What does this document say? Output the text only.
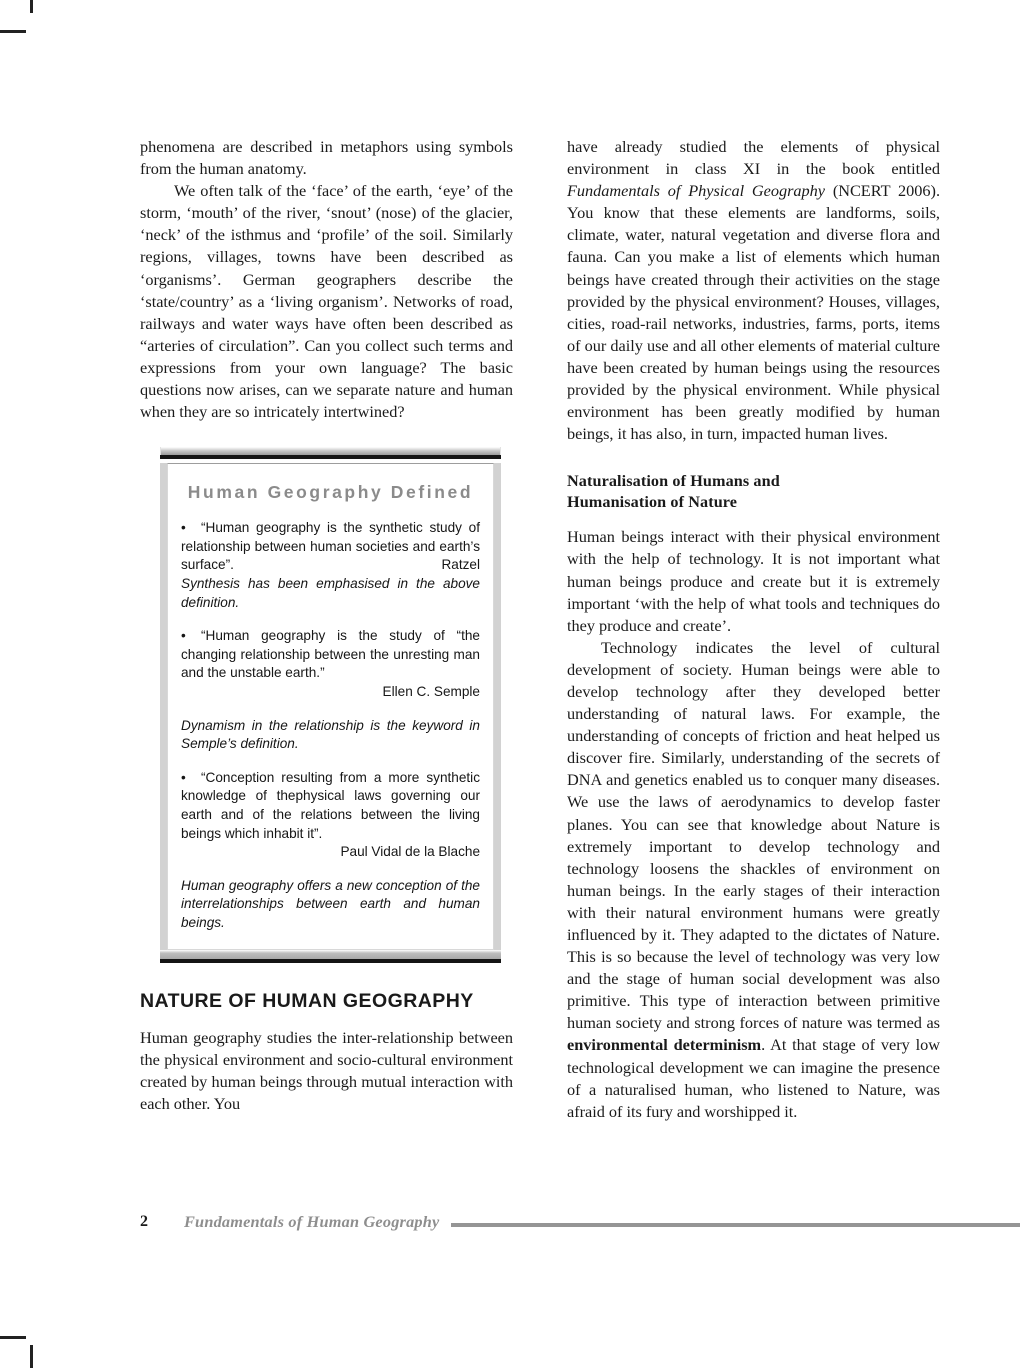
phenomena are described in metaphors using symbols from the human anatomy.

We often talk of the ‘face’ of the earth, ‘eye’ of the storm, ‘mouth’ of the river, ‘snout’ (nose) of the glacier, ‘neck’ of the isthmus and ‘profile’ of the soil. Similarly regions, villages, towns have been described as ‘organisms’. German geographers describe the ‘state/country’ as a ‘living organism’. Networks of road, railways and water ways have often been described as “arteries of circulation”. Can you collect such terms and expressions from your own language? The basic questions now arises, can we separate nature and human when they are so intricately intertwined?

Human Geography Defined

• “Human geography is the synthetic study of relationship between human societies and earth’s surface”.	Ratzel

Synthesis has been emphasised in the above definition.

• “Human geography is the study of “the changing relationship between the unresting man and the unstable earth.”

Ellen C. Semple

Dynamism in the relationship is the keyword in Semple’s definition.

• “Conception resulting from a more synthetic knowledge of thephysical laws governing our earth and of the relations between the living beings which inhabit it”.

Paul Vidal de la Blache

Human geography offers a new conception of the interrelationships between earth and human beings.

NATURE OF HUMAN GEOGRAPHY

Human geography studies the inter-relationship between the physical environment and socio-cultural environment created by human beings through mutual interaction with each other. You

have already studied the elements of physical environment in class XI in the book entitled Fundamentals of Physical Geography (NCERT 2006). You know that these elements are landforms, soils, climate, water, natural vegetation and diverse flora and fauna. Can you make a list of elements which human beings have created through their activities on the stage provided by the physical environment? Houses, villages, cities, road-rail networks, industries, farms, ports, items of our daily use and all other elements of material culture have been created by human beings using the resources provided by the physical environment. While physical environment has been greatly modified by human beings, it has also, in turn, impacted human lives.

Naturalisation of Humans and
Humanisation of Nature

Human beings interact with their physical environment with the help of technology. It is not important what human beings produce and create but it is extremely important ‘with the help of what tools and techniques do they produce and create’.

Technology indicates the level of cultural development of society. Human beings were able to develop technology after they developed better understanding of natural laws. For example, the understanding of concepts of friction and heat helped us discover fire. Similarly, understanding of the secrets of DNA and genetics enabled us to conquer many diseases. We use the laws of aerodynamics to develop faster planes. You can see that knowledge about Nature is extremely important to develop technology and technology loosens the shackles of environment on human beings. In the early stages of their interaction with their natural environment humans were greatly influenced by it. They adapted to the dictates of Nature. This is so because the level of technology was very low and the stage of human social development was also primitive. This type of interaction between primitive human society and strong forces of nature was termed as environmental determinism. At that stage of very low technological development we can imagine the presence of a naturalised human, who listened to Nature, was afraid of its fury and worshipped it.

2	Fundamentals of Human Geography
